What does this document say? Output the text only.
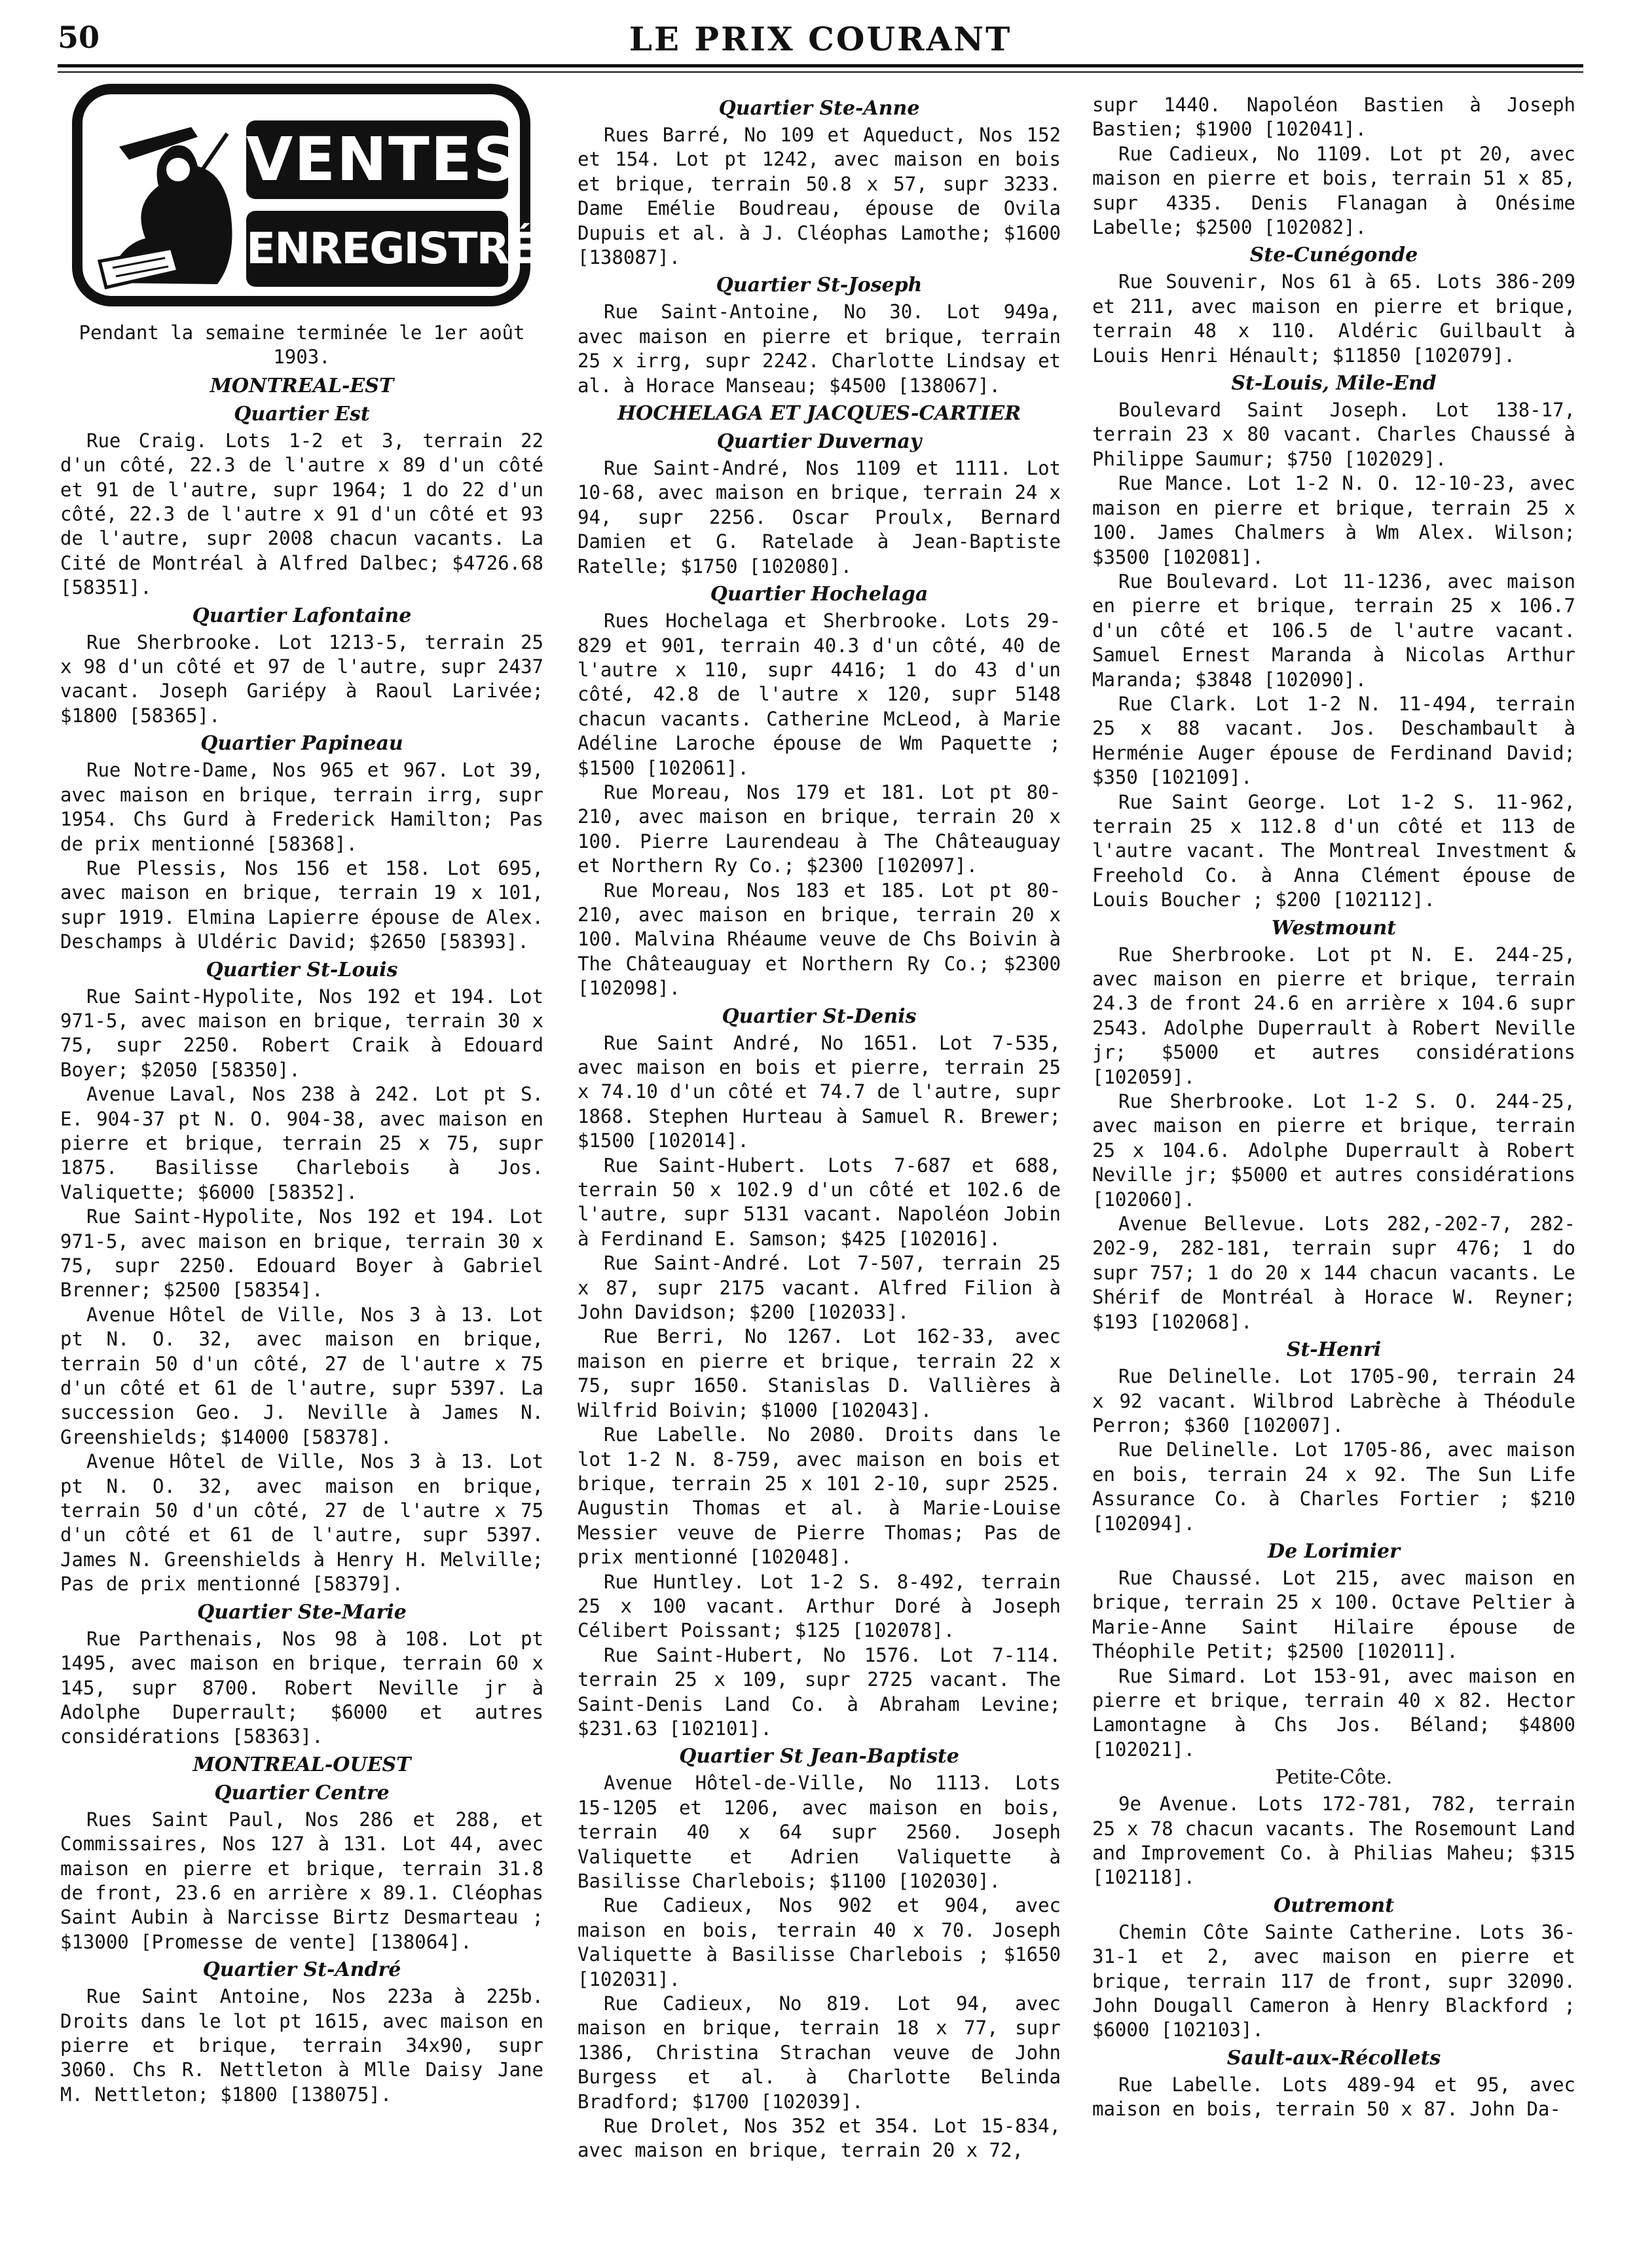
50	LE PRIX COURANT
VENTES
ENREGISTRÉES

Pendant la semaine terminée le 1er août 1903.

MONTREAL-EST
Quartier Est

Rue Craig. Lots 1-2 et 3, terrain 22 d'un côté, 22.3 de l'autre x 89 d'un côté et 91 de l'autre, supr 1964; 1 do 22 d'un côté, 22.3 de l'autre x 91 d'un côté et 93 de l'autre, supr 2008 chacun vacants. La Cité de Montréal à Alfred Dalbec; $4726.68 [58351].

Quartier Lafontaine

Rue Sherbrooke. Lot 1213-5, terrain 25 x 98 d'un côté et 97 de l'autre, supr 2437 vacant. Joseph Gariépy à Raoul Larivée; $1800 [58365].

Quartier Papineau

Rue Notre-Dame, Nos 965 et 967. Lot 39, avec maison en brique, terrain irrg, supr 1954. Chs Gurd à Frederick Hamilton; Pas de prix mentionné [58368].

Rue Plessis, Nos 156 et 158. Lot 695, avec maison en brique, terrain 19 x 101, supr 1919. Elmina Lapierre épouse de Alex. Deschamps à Uldéric David; $2650 [58393].

Quartier St-Louis

Rue Saint-Hypolite, Nos 192 et 194. Lot 971-5, avec maison en brique, terrain 30 x 75, supr 2250. Robert Craik à Edouard Boyer; $2050 [58350].

Avenue Laval, Nos 238 à 242. Lot pt S. E. 904-37 pt N. O. 904-38, avec maison en pierre et brique, terrain 25 x 75, supr 1875. Basilisse Charlebois à Jos. Valiquette; $6000 [58352].

Rue Saint-Hypolite, Nos 192 et 194. Lot 971-5, avec maison en brique, terrain 30 x 75, supr 2250. Edouard Boyer à Gabriel Brenner; $2500 [58354].

Avenue Hôtel de Ville, Nos 3 à 13. Lot pt N. O. 32, avec maison en brique, terrain 50 d'un côté, 27 de l'autre x 75 d'un côté et 61 de l'autre, supr 5397. La succession Geo. J. Neville à James N. Greenshields; $14000 [58378].

Avenue Hôtel de Ville, Nos 3 à 13. Lot pt N. O. 32, avec maison en brique, terrain 50 d'un côté, 27 de l'autre x 75 d'un côté et 61 de l'autre, supr 5397. James N. Greenshields à Henry H. Melville; Pas de prix mentionné [58379].

Quartier Ste-Marie

Rue Parthenais, Nos 98 à 108. Lot pt 1495, avec maison en brique, terrain 60 x 145, supr 8700. Robert Neville jr à Adolphe Duperrault; $6000 et autres considérations [58363].

MONTREAL-OUEST
Quartier Centre

Rues Saint Paul, Nos 286 et 288, et Commissaires, Nos 127 à 131. Lot 44, avec maison en pierre et brique, terrain 31.8 de front, 23.6 en arrière x 89.1. Cléophas Saint Aubin à Narcisse Birtz Desmarteau ; $13000 [Promesse de vente] [138064].

Quartier St-André

Rue Saint Antoine, Nos 223a à 225b. Droits dans le lot pt 1615, avec maison en pierre et brique, terrain 34x90, supr 3060. Chs R. Nettleton à Mlle Daisy Jane M. Nettleton; $1800 [138075].

Quartier Ste-Anne

Rues Barré, No 109 et Aqueduct, Nos 152 et 154. Lot pt 1242, avec maison en bois et brique, terrain 50.8 x 57, supr 3233. Dame Emélie Boudreau, épouse de Ovila Dupuis et al. à J. Cléophas Lamothe; $1600 [138087].

Quartier St-Joseph

Rue Saint-Antoine, No 30. Lot 949a, avec maison en pierre et brique, terrain 25 x irrg, supr 2242. Charlotte Lindsay et al. à Horace Manseau; $4500 [138067].

HOCHELAGA ET JACQUES-CARTIER
Quartier Duvernay

Rue Saint-André, Nos 1109 et 1111. Lot 10-68, avec maison en brique, terrain 24 x 94, supr 2256. Oscar Proulx, Bernard Damien et G. Ratelade à Jean-Baptiste Ratelle; $1750 [102080].

Quartier Hochelaga

Rues Hochelaga et Sherbrooke. Lots 29-829 et 901, terrain 40.3 d'un côté, 40 de l'autre x 110, supr 4416; 1 do 43 d'un côté, 42.8 de l'autre x 120, supr 5148 chacun vacants. Catherine McLeod, à Marie Adéline Laroche épouse de Wm Paquette ; $1500 [102061].

Rue Moreau, Nos 179 et 181. Lot pt 80-210, avec maison en brique, terrain 20 x 100. Pierre Laurendeau à The Châteauguay et Northern Ry Co.; $2300 [102097].

Rue Moreau, Nos 183 et 185. Lot pt 80-210, avec maison en brique, terrain 20 x 100. Malvina Rhéaume veuve de Chs Boivin à The Châteauguay et Northern Ry Co.; $2300 [102098].

Quartier St-Denis

Rue Saint André, No 1651. Lot 7-535, avec maison en bois et pierre, terrain 25 x 74.10 d'un côté et 74.7 de l'autre, supr 1868. Stephen Hurteau à Samuel R. Brewer; $1500 [102014].

Rue Saint-Hubert. Lots 7-687 et 688, terrain 50 x 102.9 d'un côté et 102.6 de l'autre, supr 5131 vacant. Napoléon Jobin à Ferdinand E. Samson; $425 [102016].

Rue Saint-André. Lot 7-507, terrain 25 x 87, supr 2175 vacant. Alfred Filion à John Davidson; $200 [102033].

Rue Berri, No 1267. Lot 162-33, avec maison en pierre et brique, terrain 22 x 75, supr 1650. Stanislas D. Vallières à Wilfrid Boivin; $1000 [102043].

Rue Labelle. No 2080. Droits dans le lot 1-2 N. 8-759, avec maison en bois et brique, terrain 25 x 101 2-10, supr 2525. Augustin Thomas et al. à Marie-Louise Messier veuve de Pierre Thomas; Pas de prix mentionné [102048].

Rue Huntley. Lot 1-2 S. 8-492, terrain 25 x 100 vacant. Arthur Doré à Joseph Célibert Poissant; $125 [102078].

Rue Saint-Hubert, No 1576. Lot 7-114. terrain 25 x 109, supr 2725 vacant. The Saint-Denis Land Co. à Abraham Levine; $231.63 [102101].

Quartier St Jean-Baptiste

Avenue Hôtel-de-Ville, No 1113. Lots 15-1205 et 1206, avec maison en bois, terrain 40 x 64 supr 2560. Joseph Valiquette et Adrien Valiquette à Basilisse Charlebois; $1100 [102030].

Rue Cadieux, Nos 902 et 904, avec maison en bois, terrain 40 x 70. Joseph Valiquette à Basilisse Charlebois ; $1650 [102031].

Rue Cadieux, No 819. Lot 94, avec maison en brique, terrain 18 x 77, supr 1386, Christina Strachan veuve de John Burgess et al. à Charlotte Belinda Bradford; $1700 [102039].

Rue Drolet, Nos 352 et 354. Lot 15-834, avec maison en brique, terrain 20 x 72,

supr 1440. Napoléon Bastien à Joseph Bastien; $1900 [102041].

Rue Cadieux, No 1109. Lot pt 20, avec maison en pierre et bois, terrain 51 x 85, supr 4335. Denis Flanagan à Onésime Labelle; $2500 [102082].

Ste-Cunégonde

Rue Souvenir, Nos 61 à 65. Lots 386-209 et 211, avec maison en pierre et brique, terrain 48 x 110. Aldéric Guilbault à Louis Henri Hénault; $11850 [102079].

St-Louis, Mile-End

Boulevard Saint Joseph. Lot 138-17, terrain 23 x 80 vacant. Charles Chaussé à Philippe Saumur; $750 [102029].

Rue Mance. Lot 1-2 N. O. 12-10-23, avec maison en pierre et brique, terrain 25 x 100. James Chalmers à Wm Alex. Wilson; $3500 [102081].

Rue Boulevard. Lot 11-1236, avec maison en pierre et brique, terrain 25 x 106.7 d'un côté et 106.5 de l'autre vacant. Samuel Ernest Maranda à Nicolas Arthur Maranda; $3848 [102090].

Rue Clark. Lot 1-2 N. 11-494, terrain 25 x 88 vacant. Jos. Deschambault à Herménie Auger épouse de Ferdinand David; $350 [102109].

Rue Saint George. Lot 1-2 S. 11-962, terrain 25 x 112.8 d'un côté et 113 de l'autre vacant. The Montreal Investment & Freehold Co. à Anna Clément épouse de Louis Boucher ; $200 [102112].

Westmount

Rue Sherbrooke. Lot pt N. E. 244-25, avec maison en pierre et brique, terrain 24.3 de front 24.6 en arrière x 104.6 supr 2543. Adolphe Duperrault à Robert Neville jr; $5000 et autres considérations [102059].

Rue Sherbrooke. Lot 1-2 S. O. 244-25, avec maison en pierre et brique, terrain 25 x 104.6. Adolphe Duperrault à Robert Neville jr; $5000 et autres considérations [102060].

Avenue Bellevue. Lots 282,-202-7, 282-202-9, 282-181, terrain supr 476; 1 do supr 757; 1 do 20 x 144 chacun vacants. Le Shérif de Montréal à Horace W. Reyner; $193 [102068].

St-Henri

Rue Delinelle. Lot 1705-90, terrain 24 x 92 vacant. Wilbrod Labrèche à Théodule Perron; $360 [102007].

Rue Delinelle. Lot 1705-86, avec maison en bois, terrain 24 x 92. The Sun Life Assurance Co. à Charles Fortier ; $210 [102094].

De Lorimier

Rue Chaussé. Lot 215, avec maison en brique, terrain 25 x 100. Octave Peltier à Marie-Anne Saint Hilaire épouse de Théophile Petit; $2500 [102011].

Rue Simard. Lot 153-91, avec maison en pierre et brique, terrain 40 x 82. Hector Lamontagne à Chs Jos. Béland; $4800 [102021].

Petite-Côte.

9e Avenue. Lots 172-781, 782, terrain 25 x 78 chacun vacants. The Rosemount Land and Improvement Co. à Philias Maheu; $315 [102118].

Outremont

Chemin Côte Sainte Catherine. Lots 36-31-1 et 2, avec maison en pierre et brique, terrain 117 de front, supr 32090. John Dougall Cameron à Henry Blackford ; $6000 [102103].

Sault-aux-Récollets

Rue Labelle. Lots 489-94 et 95, avec maison en bois, terrain 50 x 87. John Da-
